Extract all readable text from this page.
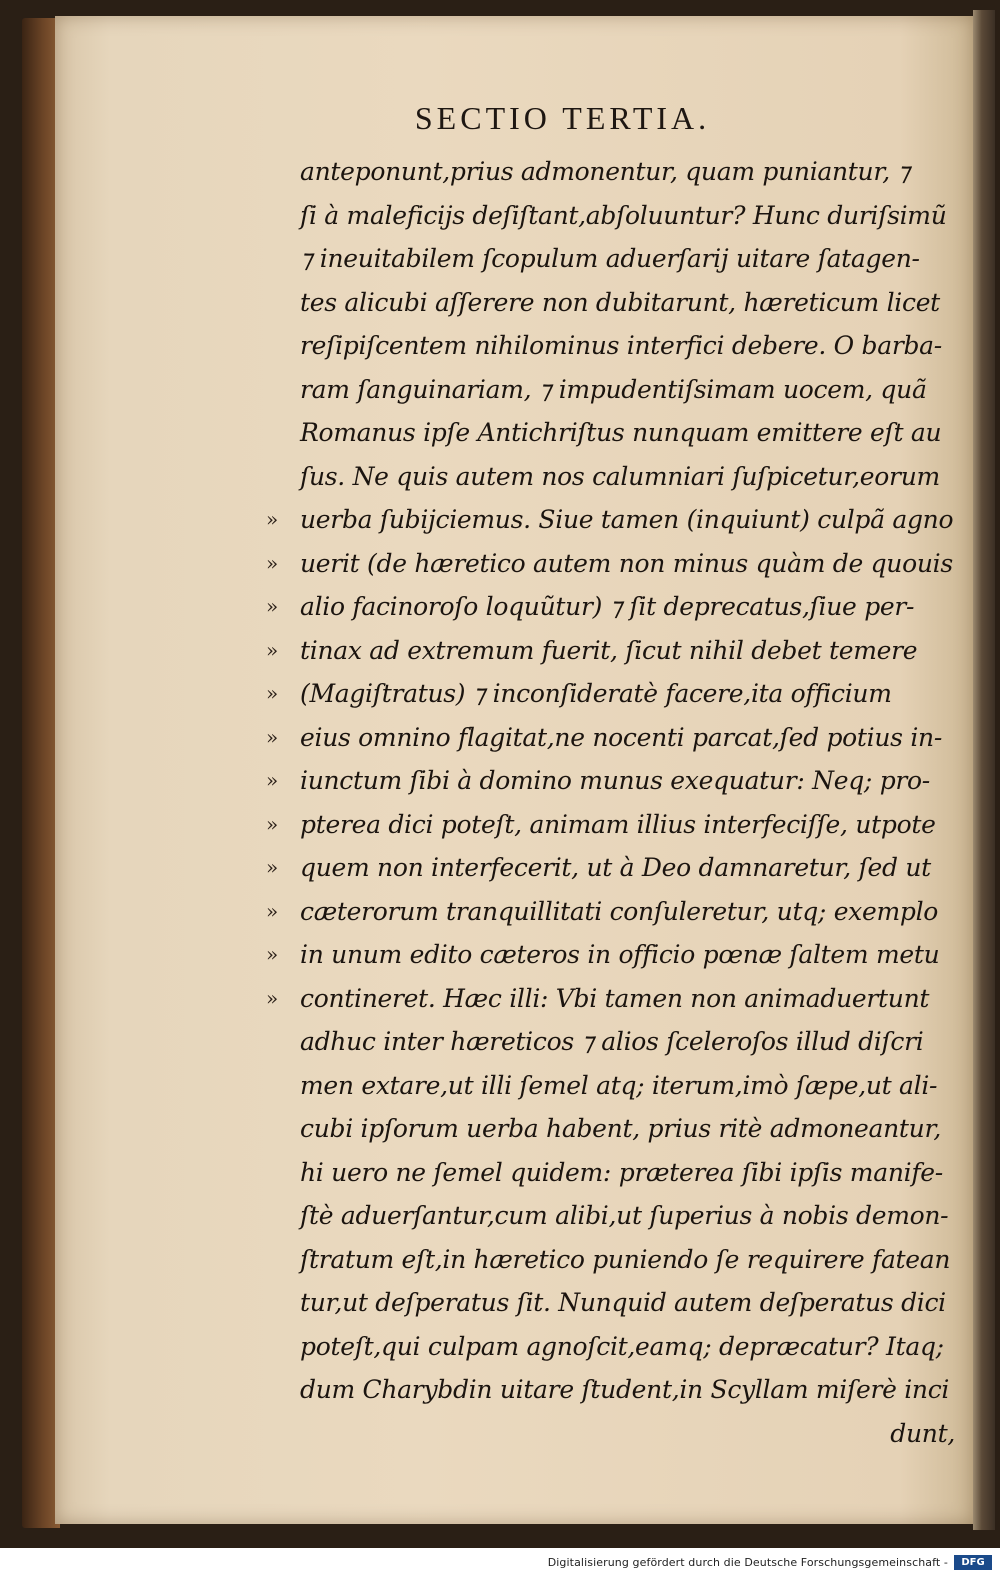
SECTIO TERTIA.
anteponunt,prius admonentur, quam puniantur, ⁊
ſi à maleficijs deſiſtant,abſoluuntur? Hunc duriſsimũ
⁊ ineuitabilem ſcopulum aduerſarij uitare ſatagen-
tes alicubi aſſerere non dubitarunt, hæreticum licet
reſipiſcentem nihilominus interfici debere. O barba-
ram ſanguinariam, ⁊ impudentiſsimam uocem, quã
Romanus ipſe Antichriſtus nunquam emittere eſt au
ſus. Ne quis autem nos calumniari ſuſpicetur,eorum
» uerba ſubijciemus. Siue tamen (inquiunt) culpã agno
» uerit (de hæretico autem non minus quàm de quouis
» alio facinoroſo loquũtur) ⁊ ſit deprecatus,ſiue per-
» tinax ad extremum fuerit, ſicut nihil debet temere
» (Magiſtratus) ⁊ inconſideratè facere,ita officium
» eius omnino flagitat,ne nocenti parcat,ſed potius in-
» iunctum ſibi à domino munus exequatur: Neq; pro-
» pterea dici poteſt, animam illius interfeciſſe, utpote
» quem non interfecerit, ut à Deo damnaretur, ſed ut
» cæterorum tranquillitati conſuleretur, utq; exemplo
» in unum edito cæteros in officio pœnæ ſaltem metu
» contineret. Hæc illi: Vbi tamen non animaduertunt
adhuc inter hæreticos ⁊ alios ſceleroſos illud diſcri
men extare,ut illi ſemel atq; iterum,imò ſæpe,ut ali-
cubi ipſorum uerba habent, prius ritè admoneantur,
hi uero ne ſemel quidem: præterea ſibi ipſis manife-
ſtè aduerſantur,cum alibi,ut ſuperius à nobis demon-
ſtratum eſt,in hæretico puniendo ſe requirere fatean
tur,ut deſperatus ſit. Nunquid autem deſperatus dici
poteſt,qui culpam agnoſcit,eamq; depræcatur? Itaq;
dum Charybdin uitare ſtudent,in Scyllam miſerè inci
dunt,
Digitalisierung gefördert durch die Deutsche Forschungsgemeinschaft -	DFG
